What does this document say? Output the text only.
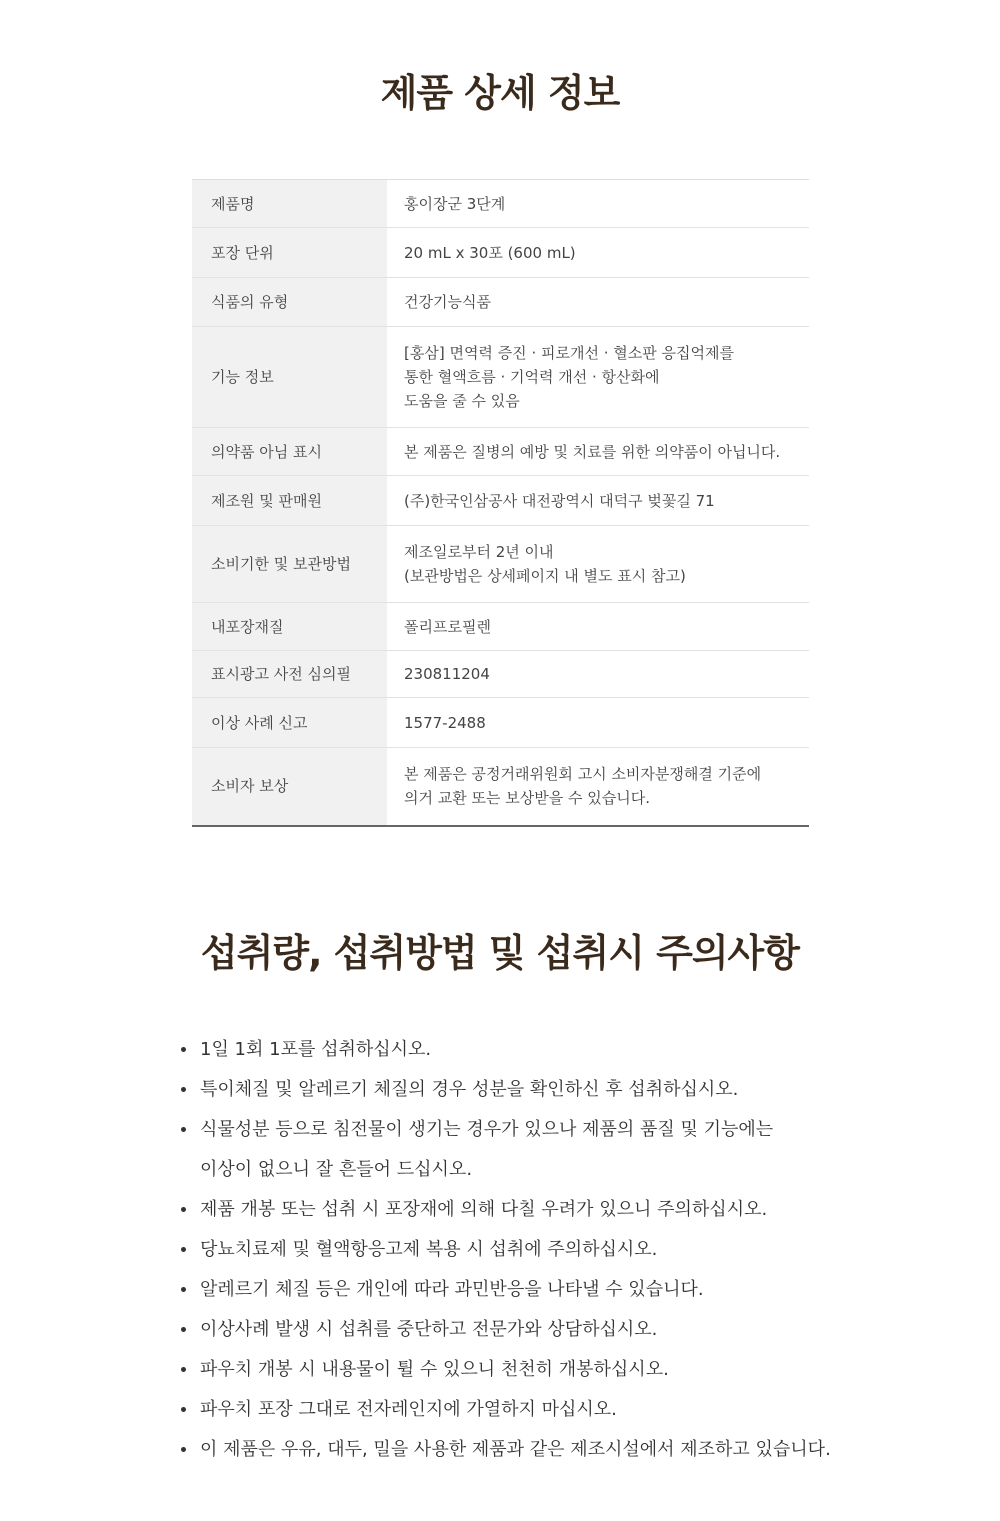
제품 상세 정보
제품명	홍이장군 3단계
포장 단위	20 mL x 30포 (600 mL)
식품의 유형	건강기능식품
기능 정보	[홍삼] 면역력 증진 · 피로개선 · 혈소판 응집억제를
통한 혈액흐름 · 기억력 개선 · 항산화에
도움을 줄 수 있음
의약품 아님 표시	본 제품은 질병의 예방 및 치료를 위한 의약품이 아닙니다.
제조원 및 판매원	(주)한국인삼공사 대전광역시 대덕구 벚꽃길 71
소비기한 및 보관방법	제조일로부터 2년 이내
(보관방법은 상세페이지 내 별도 표시 참고)
내포장재질	폴리프로필렌
표시광고 사전 심의필	230811204
이상 사례 신고	1577-2488
소비자 보상	본 제품은 공정거래위원회 고시 소비자분쟁해결 기준에
의거 교환 또는 보상받을 수 있습니다.
섭취량, 섭취방법 및 섭취시 주의사항
1일 1회 1포를 섭취하십시오.
특이체질 및 알레르기 체질의 경우 성분을 확인하신 후 섭취하십시오.
식물성분 등으로 침전물이 생기는 경우가 있으나 제품의 품질 및 기능에는
이상이 없으니 잘 흔들어 드십시오.
제품 개봉 또는 섭취 시 포장재에 의해 다칠 우려가 있으니 주의하십시오.
당뇨치료제 및 혈액항응고제 복용 시 섭취에 주의하십시오.
알레르기 체질 등은 개인에 따라 과민반응을 나타낼 수 있습니다.
이상사례 발생 시 섭취를 중단하고 전문가와 상담하십시오.
파우치 개봉 시 내용물이 튈 수 있으니 천천히 개봉하십시오.
파우치 포장 그대로 전자레인지에 가열하지 마십시오.
이 제품은 우유, 대두, 밀을 사용한 제품과 같은 제조시설에서 제조하고 있습니다.
